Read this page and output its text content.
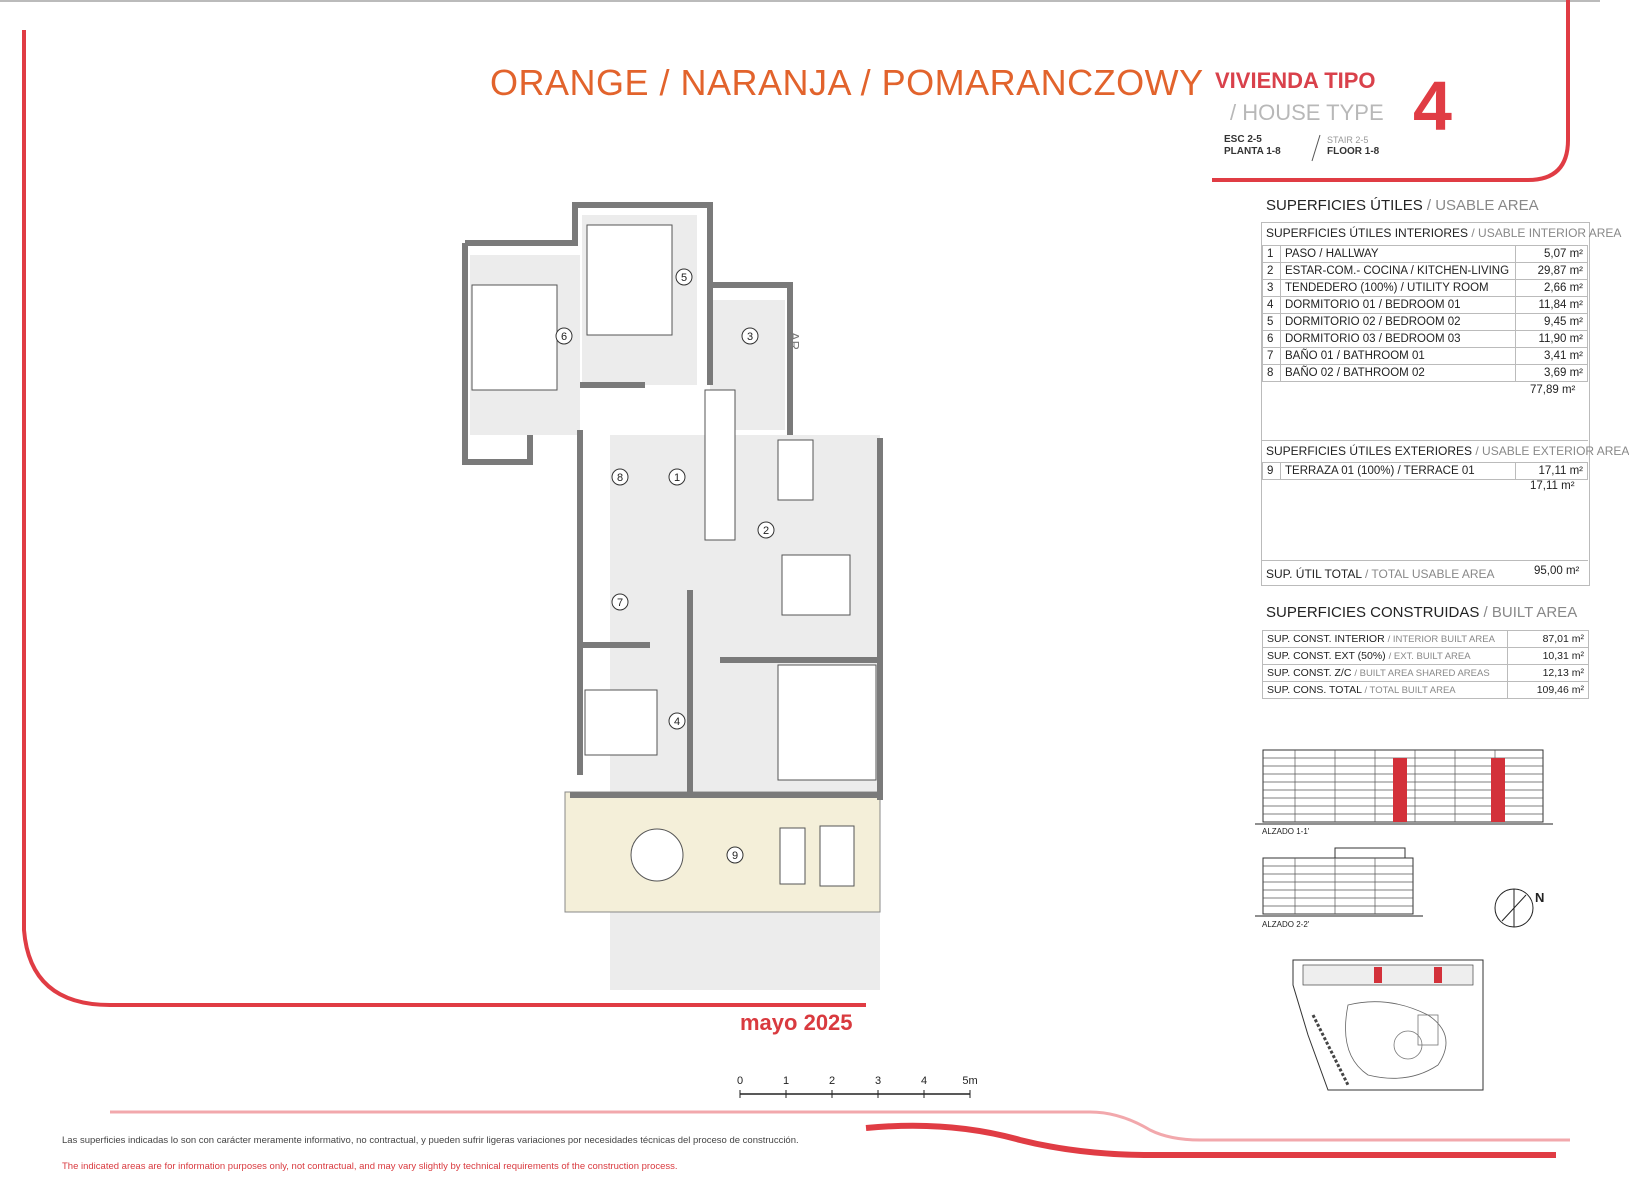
ORANGE / NARANJA / POMARANCZOWY VIVIENDA TIPO
/ HOUSE TYPE 4
ESC 2-5
PLANTA 1-8
STAIR 2-5
FLOOR 1-8
SUPERFICIES ÚTILES / USABLE AREA
SUPERFICIES ÚTILES INTERIORES / USABLE INTERIOR AREA
1	PASO / HALLWAY	5,07 m²
2	ESTAR-COM.- COCINA / KITCHEN-LIVING	29,87 m²
3	TENDEDERO (100%) / UTILITY ROOM	2,66 m²
4	DORMITORIO 01 / BEDROOM 01	11,84 m²
5	DORMITORIO 02 / BEDROOM 02	9,45 m²
6	DORMITORIO 03 / BEDROOM 03	11,90 m²
7	BAÑO 01 / BATHROOM 01	3,41 m²
8	BAÑO 02 / BATHROOM 02	3,69 m²
77,89 m²
SUPERFICIES ÚTILES EXTERIORES / USABLE EXTERIOR AREA
9	TERRAZA 01 (100%) / TERRACE 01	17,11 m²
17,11 m²
SUP. ÚTIL TOTAL / TOTAL USABLE AREA	95,00 m²
SUPERFICIES CONSTRUIDAS / BUILT AREA
SUP. CONST. INTERIOR / INTERIOR BUILT AREA	87,01 m²
SUP. CONST. EXT (50%) / EXT. BUILT AREA	10,31 m²
SUP. CONST. Z/C / BUILT AREA SHARED AREAS	12,13 m²
SUP. CONS. TOTAL / TOTAL BUILT AREA	109,46 m²
ALZADO 1-1'
ALZADO 2-2'
N
1
2
3
4
5
6
7
8
9
AR
mayo 2025
0	1	2	3	4	5m
Las superficies indicadas lo son con carácter meramente informativo, no contractual, y pueden sufrir ligeras variaciones por necesidades técnicas del proceso de construcción.
The indicated areas are for information purposes only, not contractual, and may vary slightly by technical requirements of the construction process.
